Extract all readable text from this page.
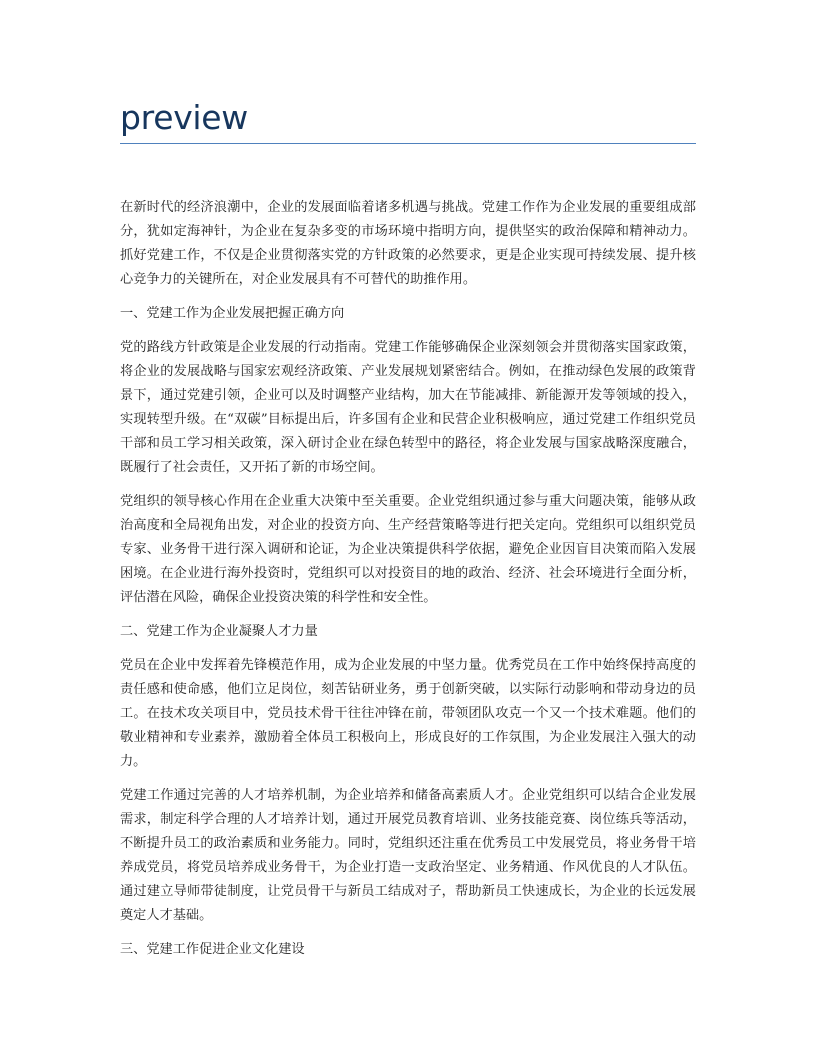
preview

在新时代的经济浪潮中，企业的发展面临着诸多机遇与挑战。党建工作作为企业发展的重要组成部分，犹如定海神针，为企业在复杂多变的市场环境中指明方向，提供坚实的政治保障和精神动力。抓好党建工作，不仅是企业贯彻落实党的方针政策的必然要求，更是企业实现可持续发展、提升核心竞争力的关键所在，对企业发展具有不可替代的助推作用。

一、党建工作为企业发展把握正确方向

党的路线方针政策是企业发展的行动指南。党建工作能够确保企业深刻领会并贯彻落实国家政策，将企业的发展战略与国家宏观经济政策、产业发展规划紧密结合。例如，在推动绿色发展的政策背景下，通过党建引领，企业可以及时调整产业结构，加大在节能减排、新能源开发等领域的投入，实现转型升级。在“双碳”目标提出后，许多国有企业和民营企业积极响应，通过党建工作组织党员干部和员工学习相关政策，深入研讨企业在绿色转型中的路径，将企业发展与国家战略深度融合，既履行了社会责任，又开拓了新的市场空间。

党组织的领导核心作用在企业重大决策中至关重要。企业党组织通过参与重大问题决策，能够从政治高度和全局视角出发，对企业的投资方向、生产经营策略等进行把关定向。党组织可以组织党员专家、业务骨干进行深入调研和论证，为企业决策提供科学依据，避免企业因盲目决策而陷入发展困境。在企业进行海外投资时，党组织可以对投资目的地的政治、经济、社会环境进行全面分析，评估潜在风险，确保企业投资决策的科学性和安全性。

二、党建工作为企业凝聚人才力量

党员在企业中发挥着先锋模范作用，成为企业发展的中坚力量。优秀党员在工作中始终保持高度的责任感和使命感，他们立足岗位，刻苦钻研业务，勇于创新突破，以实际行动影响和带动身边的员工。在技术攻关项目中，党员技术骨干往往冲锋在前，带领团队攻克一个又一个技术难题。他们的敬业精神和专业素养，激励着全体员工积极向上，形成良好的工作氛围，为企业发展注入强大的动力。

党建工作通过完善的人才培养机制，为企业培养和储备高素质人才。企业党组织可以结合企业发展需求，制定科学合理的人才培养计划，通过开展党员教育培训、业务技能竞赛、岗位练兵等活动，不断提升员工的政治素质和业务能力。同时，党组织还注重在优秀员工中发展党员，将业务骨干培养成党员，将党员培养成业务骨干，为企业打造一支政治坚定、业务精通、作风优良的人才队伍。通过建立导师带徒制度，让党员骨干与新员工结成对子，帮助新员工快速成长，为企业的长远发展奠定人才基础。

三、党建工作促进企业文化建设
